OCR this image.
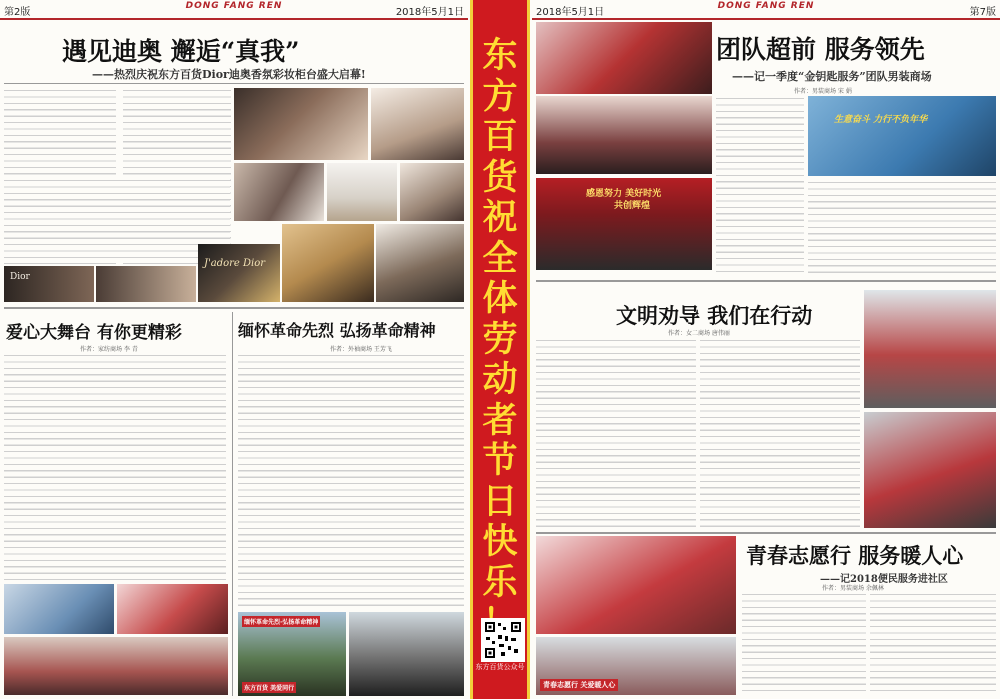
第2版
DONG FANG REN
2018年5月1日
遇见迪奥 邂逅“真我”
——热烈庆祝东方百货Dior迪奥香氛彩妆柜台盛大启幕!
Dior
J'adore Dior
爱心大舞台 有你更精彩
作者：家纺商场 李 青
缅怀革命先烈 弘扬革命精神
作者：外袖商场 王芳飞
缅怀革命先烈·弘扬革命精神
东方百货 美爱同行
东
方
百
货
祝
全
体
劳
动
者
节
日
快
乐
东方百货公众号
2018年5月1日
DONG FANG REN
第7版
团队超前 服务领先
——记一季度“金钥匙服务”团队男装商场
作者：男装商场 宋 娟
感恩努力 美好时光
共创辉煌
生意奋斗 力行不负年华
文明劝导 我们在行动
作者：女二商场 唐伟丽
青春志愿行 关爱暖人心
青春志愿行 服务暖人心
——记2018便民服务进社区
作者：男装商场 余佩林
